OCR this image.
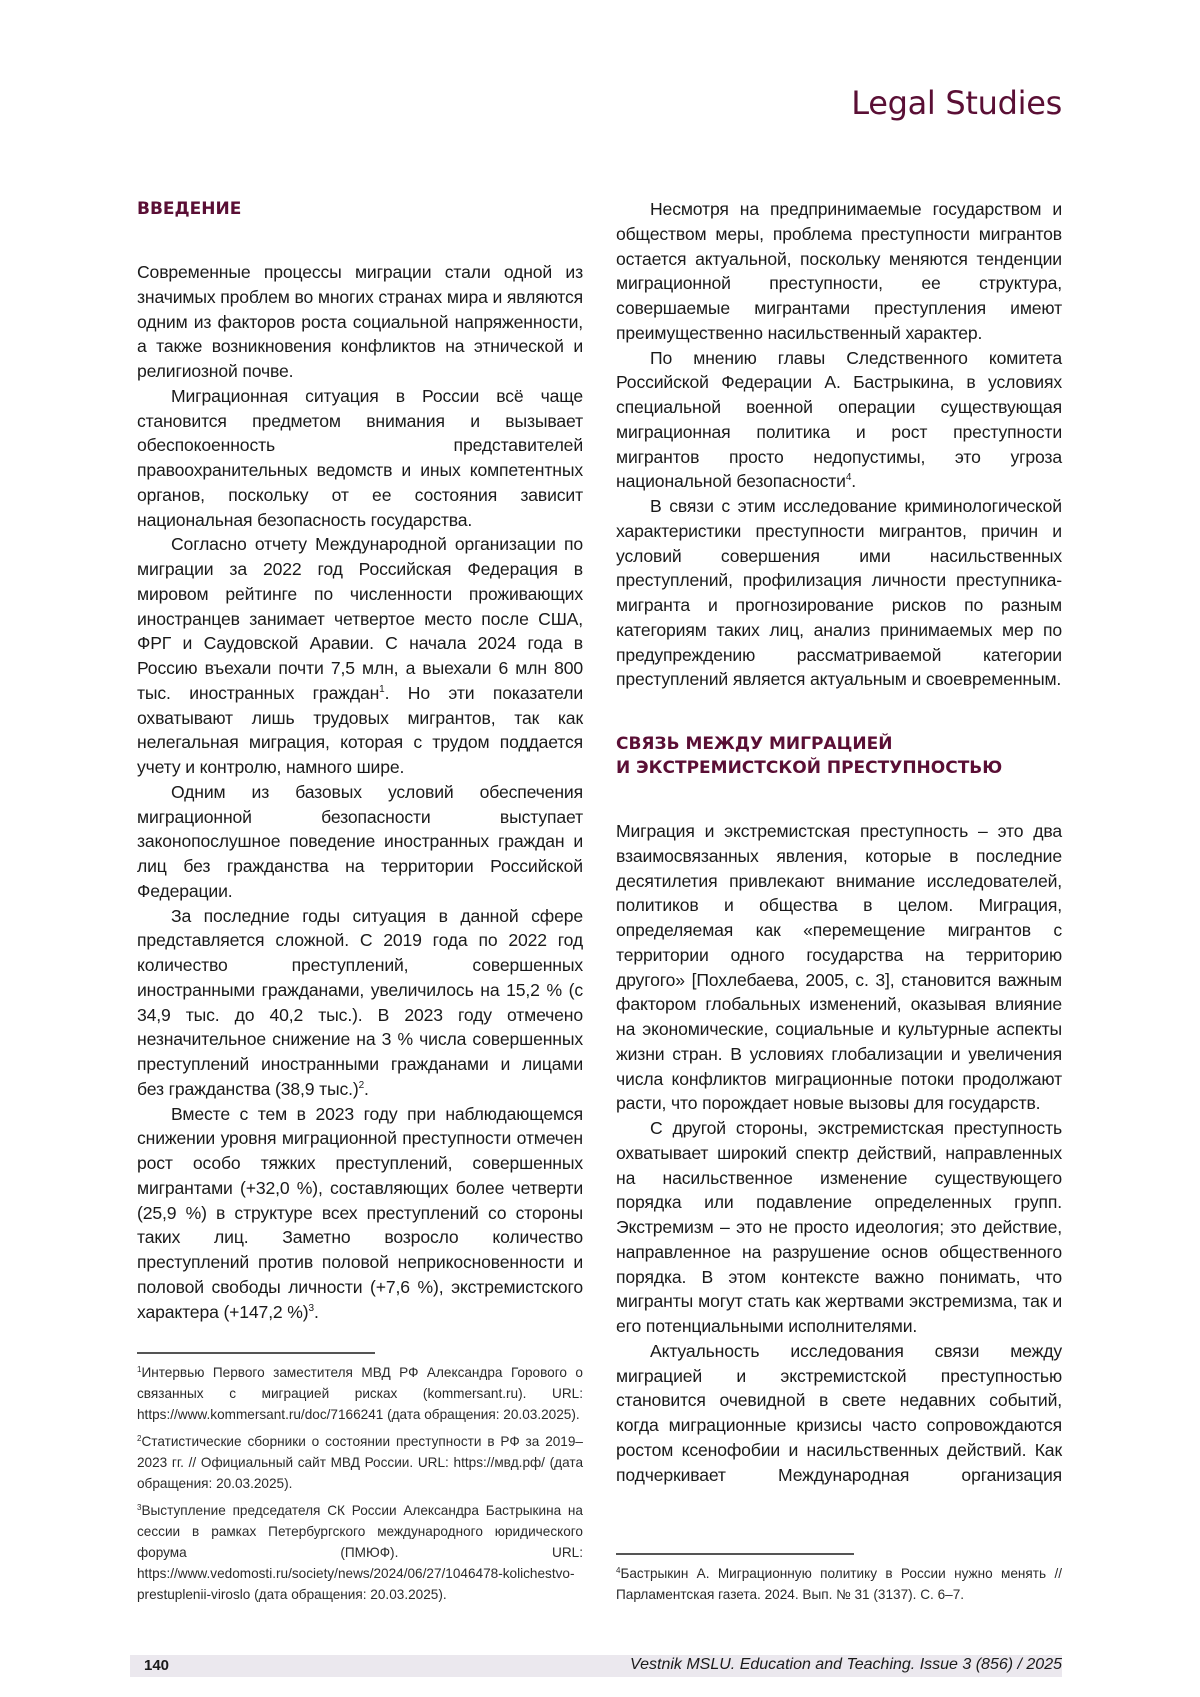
Legal Studies
ВВЕДЕНИЕ

Современные процессы миграции стали одной из значимых проблем во многих странах мира и являются одним из факторов роста социальной напряженности, а также возникновения конфликтов на этнической и религиозной почве.

Миграционная ситуация в России всё чаще становится предметом внимания и вызывает обеспокоенность представителей правоохранительных ведомств и иных компетентных органов, поскольку от ее состояния зависит национальная безопасность государства.

Согласно отчету Международной организации по миграции за 2022 год Российская Федерация в мировом рейтинге по численности проживающих иностранцев занимает четвертое место после США, ФРГ и Саудовской Аравии. С начала 2024 года в Россию въехали почти 7,5 млн, а выехали 6 млн 800 тыс. иностранных граждан1. Но эти показатели охватывают лишь трудовых мигрантов, так как нелегальная миграция, которая с трудом поддается учету и контролю, намного шире.

Одним из базовых условий обеспечения миграционной безопасности выступает законопослушное поведение иностранных граждан и лиц без гражданства на территории Российской Федерации.

За последние годы ситуация в данной сфере представляется сложной. С 2019 года по 2022 год количество преступлений, совершенных иностранными гражданами, увеличилось на 15,2 % (с 34,9 тыс. до 40,2 тыс.). В 2023 году отмечено незначительное снижение на 3 % числа совершенных преступлений иностранными гражданами и лицами без гражданства (38,9 тыс.)2.

Вместе с тем в 2023 году при наблюдающемся снижении уровня миграционной преступности отмечен рост особо тяжких преступлений, совершенных мигрантами (+32,0 %), составляющих более четверти (25,9 %) в структуре всех преступлений со стороны таких лиц. Заметно возросло количество преступлений против половой неприкосновенности и половой свободы личности (+7,6 %), экстремистского характера (+147,2 %)3.

1Интервью Первого заместителя МВД РФ Александра Горового о связанных с миграцией рисках (kommersant.ru). URL: https://www.kommersant.ru/doc/7166241 (дата обращения: 20.03.2025).

2Статистические сборники о состоянии преступности в РФ за 2019–2023 гг. // Официальный сайт МВД России. URL: https://мвд.рф/ (дата обращения: 20.03.2025).

3Выступление председателя СК России Александра Бастрыкина на сессии в рамках Петербургского международного юридического форума (ПМЮФ). URL: https://www.vedomosti.ru/society/news/2024/06/27/1046478-kolichestvo-prestuplenii-viroslo (дата обращения: 20.03.2025).

Несмотря на предпринимаемые государством и обществом меры, проблема преступности мигрантов остается актуальной, поскольку меняются тенденции миграционной преступности, ее структура, совершаемые мигрантами преступления имеют преимущественно насильственный характер.

По мнению главы Следственного комитета Российской Федерации А. Бастрыкина, в условиях специальной военной операции существующая миграционная политика и рост преступности мигрантов просто недопустимы, это угроза национальной безопасности4.

В связи с этим исследование криминологической характеристики преступности мигрантов, причин и условий совершения ими насильственных преступлений, профилизация личности преступника-мигранта и прогнозирование рисков по разным категориям таких лиц, анализ принимаемых мер по предупреждению рассматриваемой категории преступлений является актуальным и своевременным.

СВЯЗЬ МЕЖДУ МИГРАЦИЕЙ
И ЭКСТРЕМИСТСКОЙ ПРЕСТУПНОСТЬЮ

Миграция и экстремистская преступность – это два взаимосвязанных явления, которые в последние десятилетия привлекают внимание исследователей, политиков и общества в целом. Миграция, определяемая как «перемещение мигрантов с территории одного государства на территорию другого» [Похлебаева, 2005, с. 3], становится важным фактором глобальных изменений, оказывая влияние на экономические, социальные и культурные аспекты жизни стран. В условиях глобализации и увеличения числа конфликтов миграционные потоки продолжают расти, что порождает новые вызовы для государств.

С другой стороны, экстремистская преступность охватывает широкий спектр действий, направленных на насильственное изменение существующего порядка или подавление определенных групп. Экстремизм – это не просто идеология; это действие, направленное на разрушение основ общественного порядка. В этом контексте важно понимать, что мигранты могут стать как жертвами экстремизма, так и его потенциальными исполнителями.

Актуальность исследования связи между миграцией и экстремистской преступностью становится очевидной в свете недавних событий, когда миграционные кризисы часто сопровождаются ростом ксенофобии и насильственных действий. Как подчеркивает Международная организация

4Бастрыкин А. Миграционную политику в России нужно менять // Парламентская газета. 2024. Вып. № 31 (3137). С. 6–7.

140	Vestnik MSLU. Education and Teaching. Issue 3 (856) / 2025
